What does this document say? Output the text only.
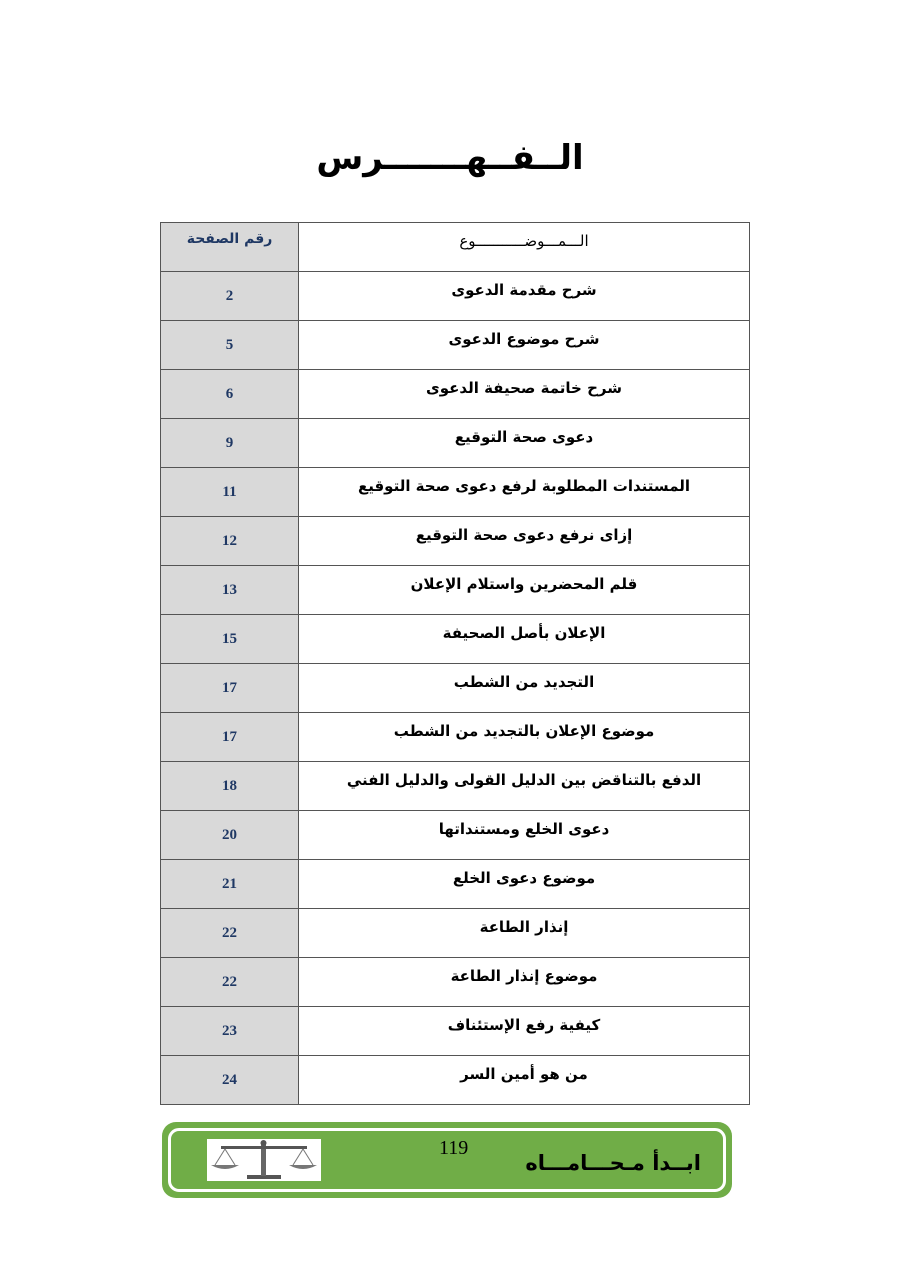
الــفــهـــــــرس
رقم الصفحة	الـــمـــوضـــــــــــوع
2	شرح مقدمة الدعوى
5	شرح موضوع الدعوى
6	شرح خاتمة صحيفة الدعوى
9	دعوى صحة التوقيع
11	المستندات المطلوبة لرفع دعوى صحة التوقيع
12	إزاى نرفع دعوى صحة التوقيع
13	قلم المحضرين واستلام الإعلان
15	الإعلان بأصل الصحيفة
17	التجديد من الشطب
17	موضوع الإعلان بالتجديد من الشطب
18	الدفع بالتناقض بين الدليل القولى والدليل الفني
20	دعوى الخلع ومستنداتها
21	موضوع دعوى الخلع
22	إنذار الطاعة
22	موضوع إنذار الطاعة
23	كيفية رفع الإستئناف
24	من هو أمين السر
119
ابــدأ مـحـــامـــاه
